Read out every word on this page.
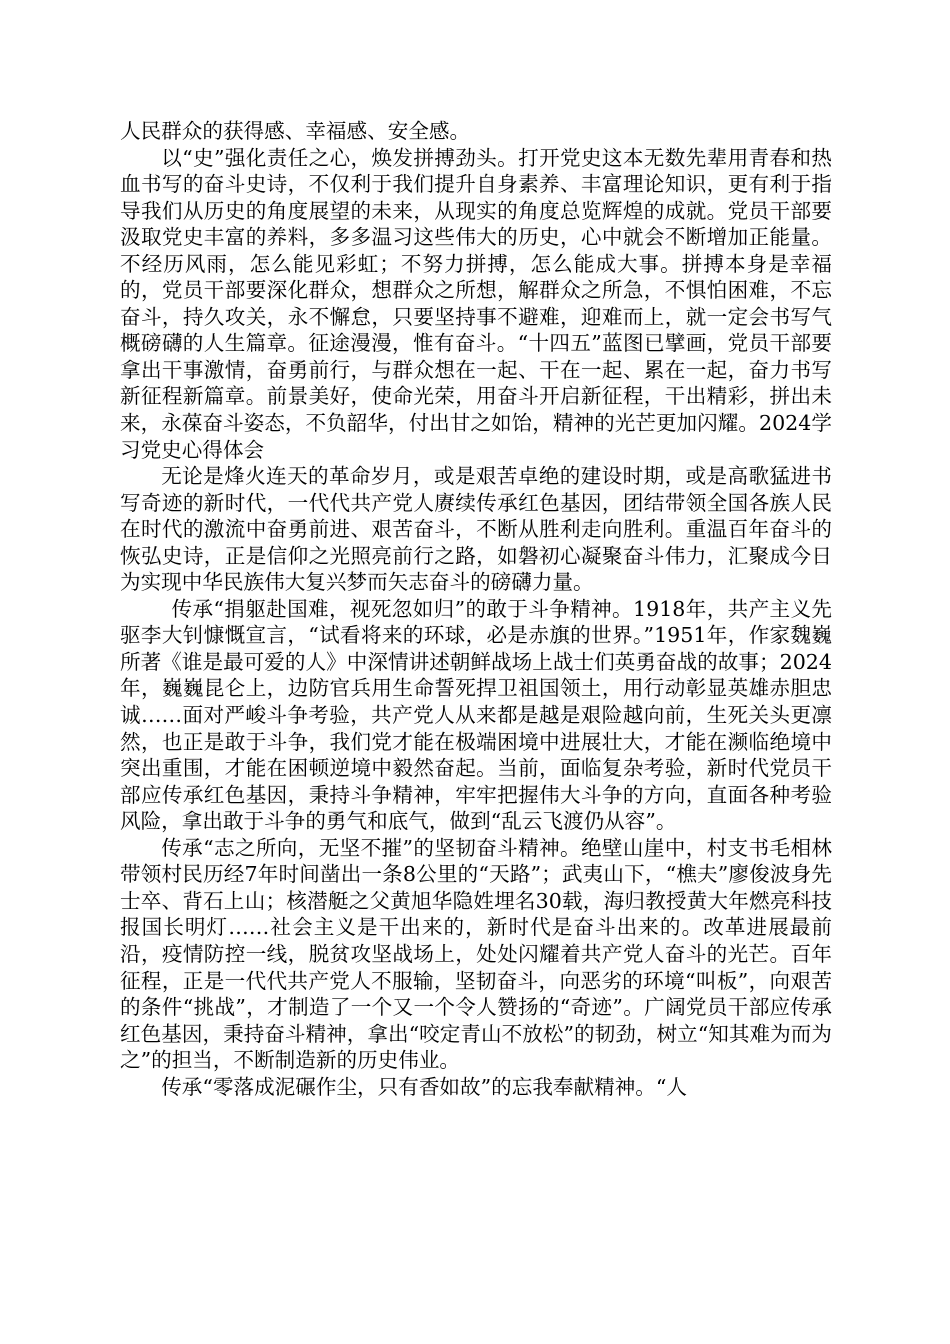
人民群众的获得感、幸福感、安全感。

以“史”强化责任之心，焕发拼搏劲头。打开党史这本无数先辈用青春和热血书写的奋斗史诗，不仅利于我们提升自身素养、丰富理论知识，更有利于指导我们从历史的角度展望的未来，从现实的角度总览辉煌的成就。党员干部要汲取党史丰富的养料，多多温习这些伟大的历史，心中就会不断增加正能量。不经历风雨，怎么能见彩虹；不努力拼搏，怎么能成大事。拼搏本身是幸福的，党员干部要深化群众，想群众之所想，解群众之所急，不惧怕困难，不忘奋斗，持久攻关，永不懈怠，只要坚持事不避难，迎难而上，就一定会书写气概磅礴的人生篇章。征途漫漫，惟有奋斗。“十四五”蓝图已擘画，党员干部要拿出干事激情，奋勇前行，与群众想在一起、干在一起、累在一起，奋力书写新征程新篇章。前景美好，使命光荣，用奋斗开启新征程，干出精彩，拼出未来，永葆奋斗姿态，不负韶华，付出甘之如饴，精神的光芒更加闪耀。2024学习党史心得体会

无论是烽火连天的革命岁月，或是艰苦卓绝的建设时期，或是高歌猛进书写奇迹的新时代，一代代共产党人赓续传承红色基因，团结带领全国各族人民在时代的激流中奋勇前进、艰苦奋斗，不断从胜利走向胜利。重温百年奋斗的恢弘史诗，正是信仰之光照亮前行之路，如磐初心凝聚奋斗伟力，汇聚成今日为实现中华民族伟大复兴梦而矢志奋斗的磅礴力量。

传承“捐躯赴国难，视死忽如归”的敢于斗争精神。1918年，共产主义先驱李大钊慷慨宣言，“试看将来的环球，必是赤旗的世界。”1951年，作家魏巍所著《谁是最可爱的人》中深情讲述朝鲜战场上战士们英勇奋战的故事；2024年，巍巍昆仑上，边防官兵用生命誓死捍卫祖国领土，用行动彰显英雄赤胆忠诚……面对严峻斗争考验，共产党人从来都是越是艰险越向前，生死关头更凛然，也正是敢于斗争，我们党才能在极端困境中进展壮大，才能在濒临绝境中突出重围，才能在困顿逆境中毅然奋起。当前，面临复杂考验，新时代党员干部应传承红色基因，秉持斗争精神，牢牢把握伟大斗争的方向，直面各种考验风险，拿出敢于斗争的勇气和底气，做到“乱云飞渡仍从容”。

传承“志之所向，无坚不摧”的坚韧奋斗精神。绝壁山崖中，村支书毛相林带领村民历经7年时间凿出一条8公里的“天路”；武夷山下，“樵夫”廖俊波身先士卒、背石上山；核潜艇之父黄旭华隐姓埋名30载，海归教授黄大年燃亮科技报国长明灯……社会主义是干出来的，新时代是奋斗出来的。改革进展最前沿，疫情防控一线，脱贫攻坚战场上，处处闪耀着共产党人奋斗的光芒。百年征程，正是一代代共产党人不服输，坚韧奋斗，向恶劣的环境“叫板”，向艰苦的条件“挑战”，才制造了一个又一个令人赞扬的“奇迹”。广阔党员干部应传承红色基因，秉持奋斗精神，拿出“咬定青山不放松”的韧劲，树立“知其难为而为之”的担当，不断制造新的历史伟业。

传承“零落成泥碾作尘，只有香如故”的忘我奉献精神。“人
